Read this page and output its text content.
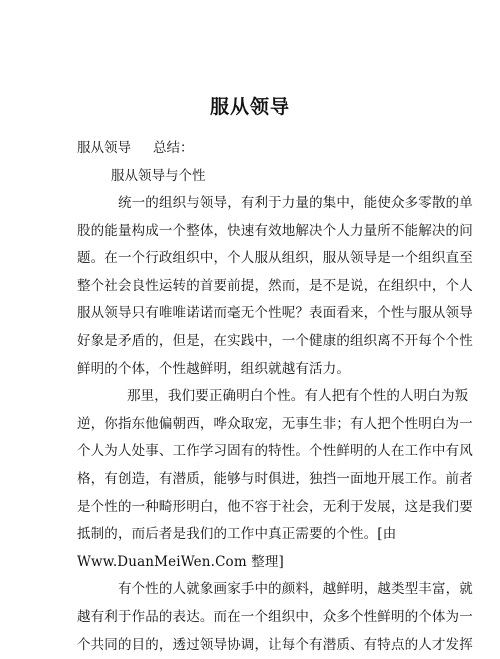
服从领导
服从领导 总结：
服从领导与个性
统一的组织与领导，有利于力量的集中，能使众多零散的单
股的能量构成一个整体，快速有效地解决个人力量所不能解决的问
题。在一个行政组织中，个人服从组织，服从领导是一个组织直至
整个社会良性运转的首要前提，然而，是不是说，在组织中，个人
服从领导只有唯唯诺诺而毫无个性呢？表面看来，个性与服从领导
好象是矛盾的，但是，在实践中，一个健康的组织离不开每个个性
鲜明的个体，个性越鲜明，组织就越有活力。
那里，我们要正确明白个性。有人把有个性的人明白为叛
逆，你指东他偏朝西，哗众取宠，无事生非；有人把个性明白为一
个人为人处事、工作学习固有的特性。个性鲜明的人在工作中有风
格，有创造，有潜质，能够与时俱进，独挡一面地开展工作。前者
是个性的一种畸形明白，他不容于社会，无利于发展，这是我们要
抵制的，而后者是我们的工作中真正需要的个性。[由
Www.DuanMeiWen.Com 整理]
有个性的人就象画家手中的颜料，越鲜明，越类型丰富，就
越有利于作品的表达。而在一个组织中，众多个性鲜明的个体为一
个共同的目的，透过领导协调，让每个有潜质、有特点的人才发挥
